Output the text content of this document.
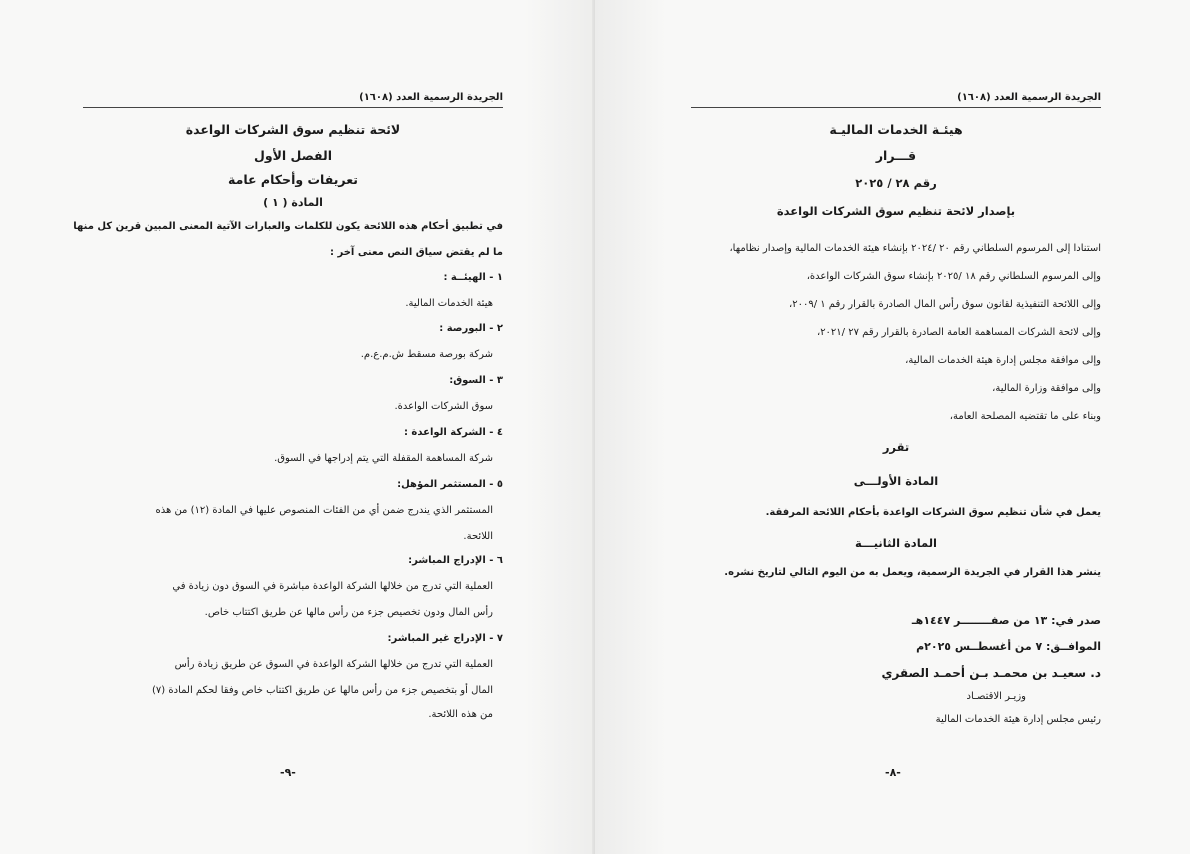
الجريدة الرسمية العدد (١٦٠٨)
لائحة تنظيم سوق الشركات الواعدة
الفصل الأول
تعريفات وأحكام عامة
المادة ( ١ )
في تطبيق أحكام هذه اللائحة يكون للكلمات والعبارات الآتية المعنى المبين قرين كل منها
ما لم يقتض سياق النص معنى آخر :
١ - الهيئــة :
هيئة الخدمات المالية.
٢ - البورصة :
شركة بورصة مسقط ش.م.ع.م.
٣ - السوق:
سوق الشركات الواعدة.
٤ - الشركة الواعدة :
شركة المساهمة المقفلة التي يتم إدراجها في السوق.
٥ - المستثمر المؤهل:
المستثمر الذي يندرج ضمن أي من الفئات المنصوص عليها في المادة (١٢) من هذه
اللائحة.
٦ - الإدراج المباشر:
العملية التي تدرج من خلالها الشركة الواعدة مباشرة في السوق دون زيادة في
رأس المال ودون تخصيص جزء من رأس مالها عن طريق اكتتاب خاص.
٧ - الإدراج غير المباشر:
العملية التي تدرج من خلالها الشركة الواعدة في السوق عن طريق زيادة رأس
المال أو بتخصيص جزء من رأس مالها عن طريق اكتتاب خاص وفقا لحكم المادة (٧)
من هذه اللائحة.
-٩-
الجريدة الرسمية العدد (١٦٠٨)
هيئـة الخدمات الماليـة
قـــرار
رقم ٢٨ / ٢٠٢٥
بإصدار لائحة تنظيم سوق الشركات الواعدة
استنادا إلى المرسوم السلطاني رقم ٢٠ /٢٠٢٤ بإنشاء هيئة الخدمات المالية وإصدار نظامها،
وإلى المرسوم السلطاني رقم ١٨ /٢٠٢٥ بإنشاء سوق الشركات الواعدة،
وإلى اللائحة التنفيذية لقانون سوق رأس المال الصادرة بالقرار رقم ١ /٢٠٠٩،
وإلى لائحة الشركات المساهمة العامة الصادرة بالقرار رقم ٢٧ /٢٠٢١،
وإلى موافقة مجلس إدارة هيئة الخدمات المالية،
وإلى موافقة وزارة المالية،
وبناء على ما تقتضيه المصلحة العامة،
تقرر
المادة الأولـــى
يعمل في شأن تنظيم سوق الشركات الواعدة بأحكام اللائحة المرفقة.
المادة الثانيـــة
ينشر هذا القرار في الجريدة الرسمية، ويعمل به من اليوم التالي لتاريخ نشره.
صدر في: ١٣ من صفــــــــر ١٤٤٧هـ
الموافــق: ٧ من أغسطــس ٢٠٢٥م
د. سعيـد بن محمـد بـن أحمـد الصقري
وزيـر الاقتصـاد
رئيس مجلس إدارة هيئة الخدمات المالية
-٨-
